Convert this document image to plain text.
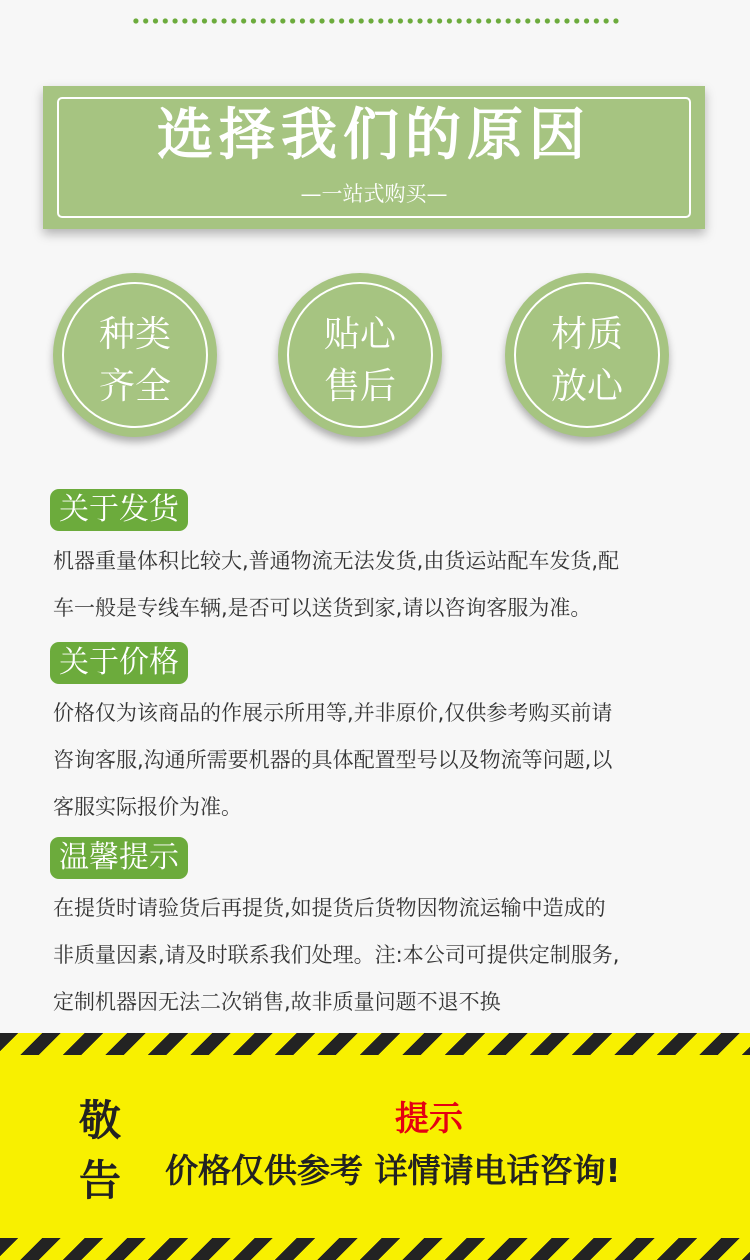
选择我们的原因
—一站式购买—
种类
齐全
贴心
售后
材质
放心
关于发货
机器重量体积比较大,普通物流无法发货,由货运站配车发货,配
车一般是专线车辆,是否可以送货到家,请以咨询客服为准。
关于价格
价格仅为该商品的作展示所用等,并非原价,仅供参考购买前请
咨询客服,沟通所需要机器的具体配置型号以及物流等问题,以
客服实际报价为准。
温馨提示
在提货时请验货后再提货,如提货后货物因物流运输中造成的
非质量因素,请及时联系我们处理。注:本公司可提供定制服务,
定制机器因无法二次销售,故非质量问题不退不换
敬
告
提示
价格仅供参考 详情请电话咨询!
